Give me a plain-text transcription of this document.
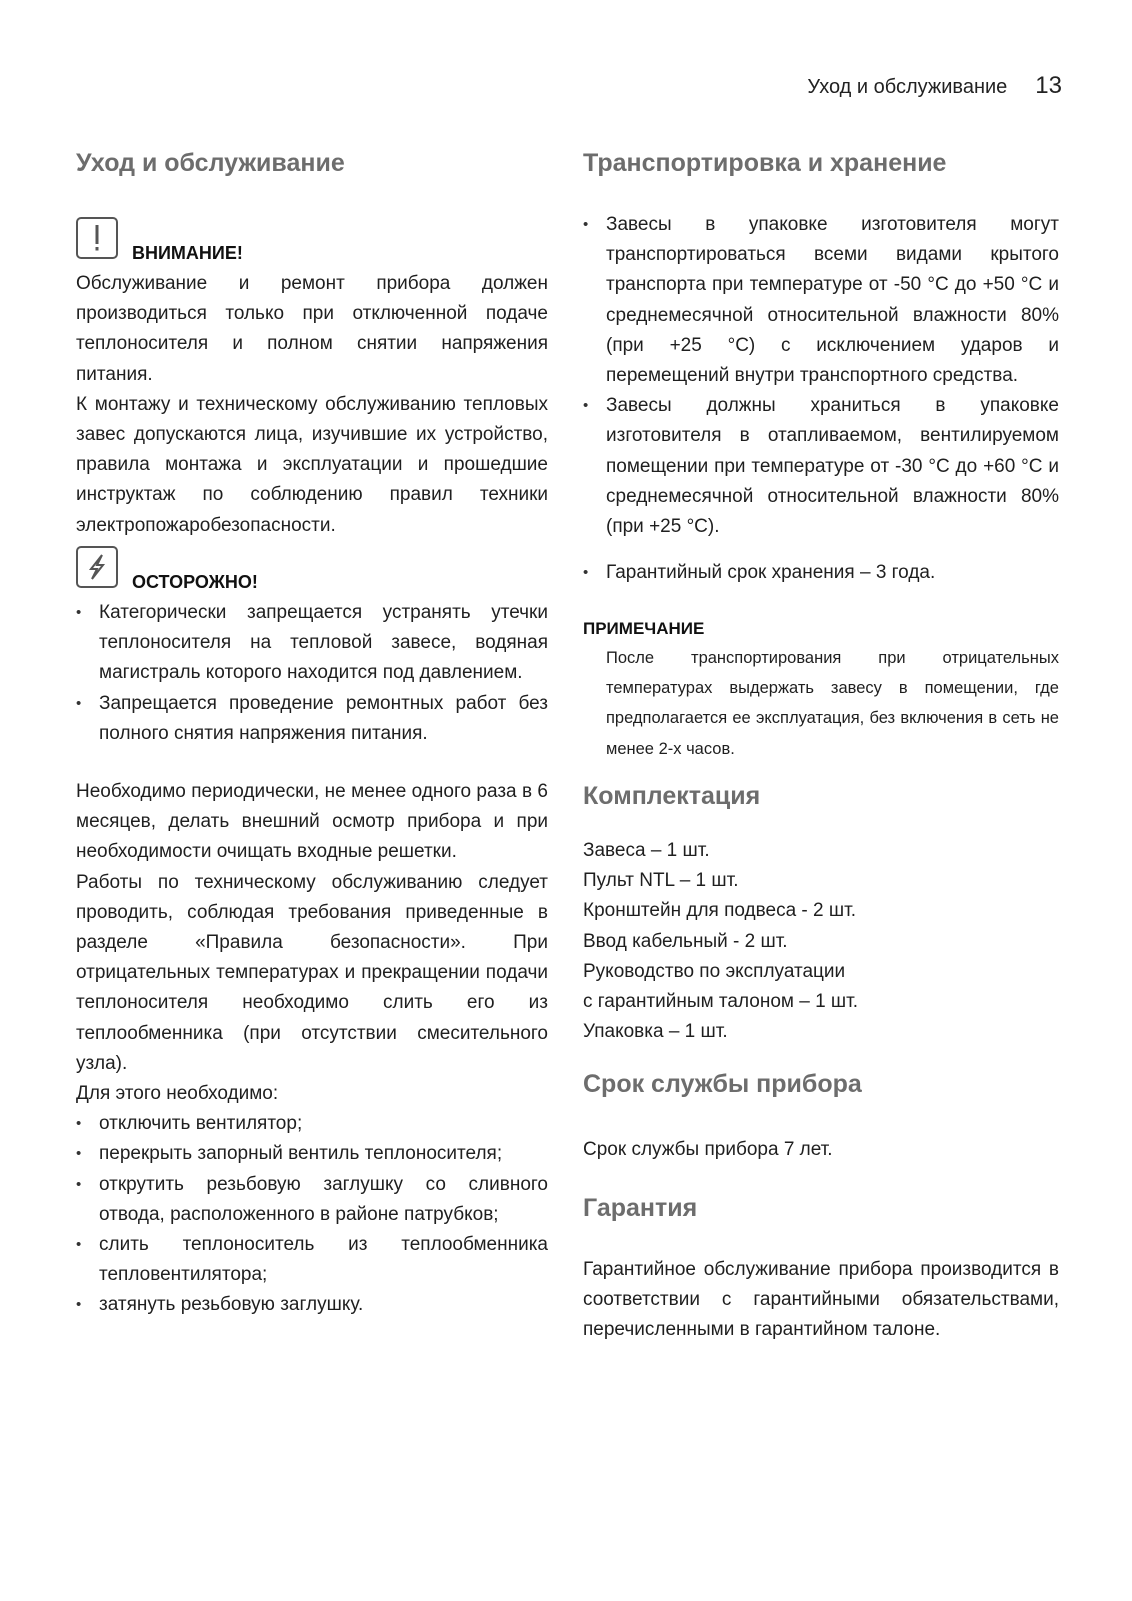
Уход и обслуживание 13
Уход и обслуживание
ВНИМАНИЕ!

Обслуживание и ремонт прибора должен производиться только при отключенной подаче теплоносителя и полном снятии напряжения питания.

К монтажу и техническому обслуживанию тепловых завес допускаются лица, изучившие их устройство, правила монтажа и эксплуатации и прошедшие инструктаж по соблюдению правил техники электропожаробезопасности.

ОСТОРОЖНО!
• Категорически запрещается устранять утечки теплоносителя на тепловой завесе, водяная магистраль которого находится под давлением.
• Запрещается проведение ремонтных работ без полного снятия напряжения питания.

Необходимо периодически, не менее одного раза в 6 месяцев, делать внешний осмотр прибора и при необходимости очищать входные решетки.

Работы по техническому обслуживанию следует проводить, соблюдая требования приведенные в разделе «Правила безопасности». При отрицательных температурах и прекращении подачи теплоносителя необходимо слить его из теплообменника (при отсутствии смесительного узла).

Для этого необходимо:

• отключить вентилятор;
• перекрыть запорный вентиль теплоносителя;
• открутить резьбовую заглушку со сливного отвода, расположенного в районе патрубков;
• слить теплоноситель из теплообменника тепловентилятора;
• затянуть резьбовую заглушку.
Транспортировка и хранение
• Завесы в упаковке изготовителя могут транспортироваться всеми видами крытого транспорта при температуре от -50 °С до +50 °С и среднемесячной относительной влажности 80% (при +25 °С) с исключением ударов и перемещений внутри транспортного средства.
• Завесы должны храниться в упаковке изготовителя в отапливаемом, вентилируемом помещении при температуре от -30 °С до +60 °С и среднемесячной относительной влажности 80% (при +25 °С).
• Гарантийный срок хранения – 3 года.
ПРИМЕЧАНИЕ
После транспортирования при отрицательных температурах выдержать завесу в помещении, где предполагается ее эксплуатация, без включения в сеть не менее 2-х часов.
Комплектация
Завеса – 1 шт.
Пульт NTL – 1 шт.
Кронштейн для подвеса - 2 шт.
Ввод кабельный - 2 шт.
Руководство по эксплуатации
с гарантийным талоном – 1 шт.
Упаковка – 1 шт.
Срок службы прибора

Срок службы прибора 7 лет.

Гарантия

Гарантийное обслуживание прибора производится в соответствии с гарантийными обязательствами, перечисленными в гарантийном талоне.
